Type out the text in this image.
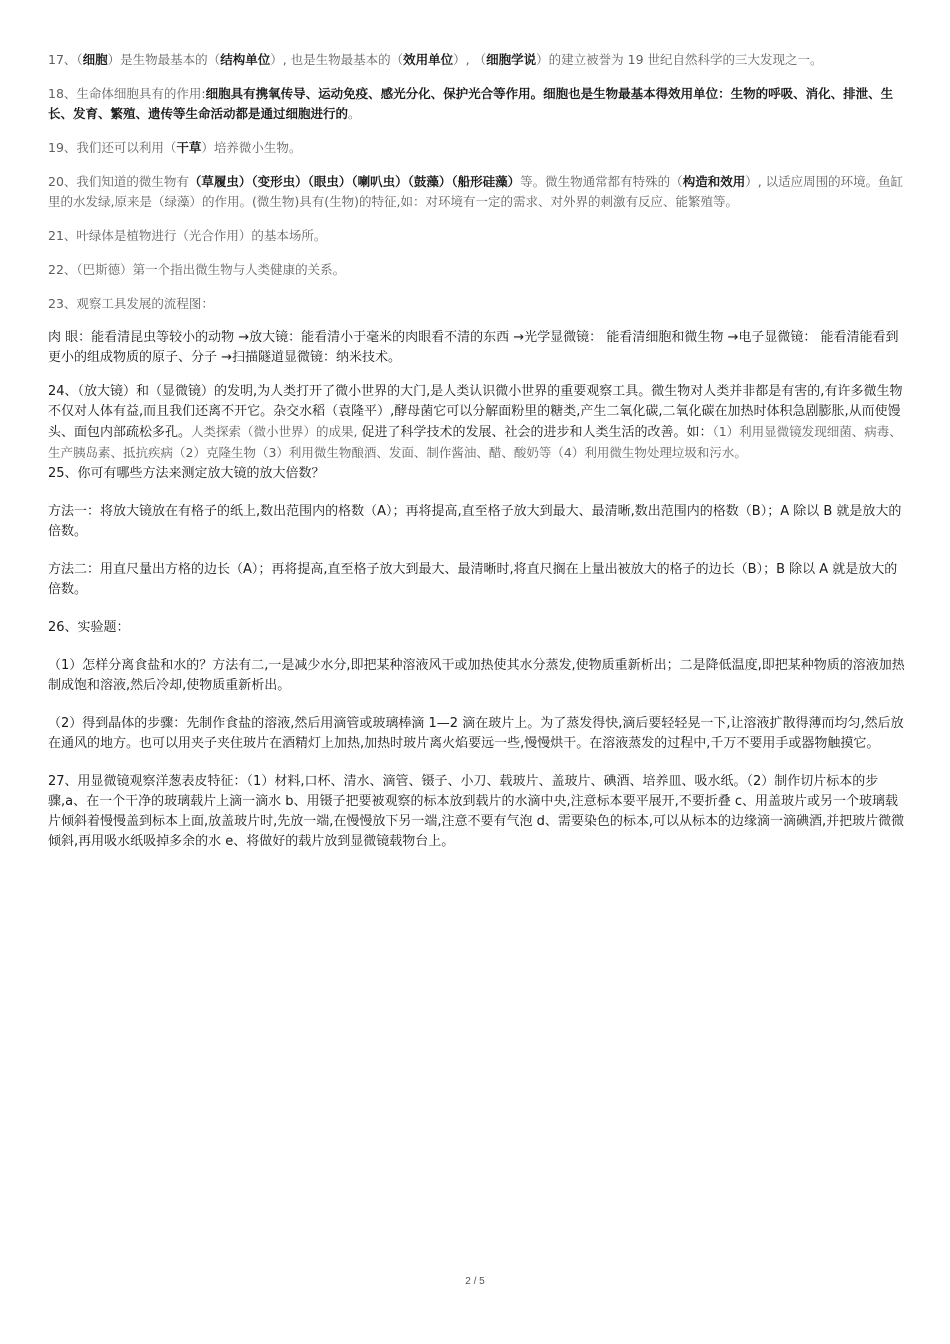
17、（细胞）是生物最基本的（结构单位）, 也是生物最基本的（效用单位）, （细胞学说）的建立被誉为 19 世纪自然科学的三大发现之一。

18、生命体细胞具有的作用:细胞具有携氧传导、运动免疫、感光分化、保护光合等作用。细胞也是生物最基本得效用单位：生物的呼吸、消化、排泄、生长、发育、繁殖、遗传等生命活动都是通过细胞进行的。

19、我们还可以利用（干草）培养微小生物。

20、我们知道的微生物有（草履虫）（变形虫）（眼虫）（喇叭虫）（鼓藻）（船形硅藻）等。微生物通常都有特殊的（构造和效用）, 以适应周围的环境。鱼缸里的水发绿,原来是（绿藻）的作用。(微生物)具有(生物)的特征,如：对环境有一定的需求、对外界的刺激有反应、能繁殖等。

21、叶绿体是植物进行（光合作用）的基本场所。

22、（巴斯德）第一个指出微生物与人类健康的关系。

23、观察工具发展的流程图：

肉 眼：能看清昆虫等较小的动物 →放大镜：能看清小于毫米的肉眼看不清的东西 →光学显微镜： 能看清细胞和微生物 →电子显微镜： 能看清能看到更小的组成物质的原子、分子 →扫描隧道显微镜：纳米技术。

24、（放大镜）和（显微镜）的发明,为人类打开了微小世界的大门,是人类认识微小世界的重要观察工具。微生物对人类并非都是有害的,有许多微生物不仅对人体有益,而且我们还离不开它。杂交水稻（袁隆平）,酵母菌它可以分解面粉里的糖类,产生二氧化碳,二氧化碳在加热时体积急剧膨胀,从而使馒头、面包内部疏松多孔。人类探索（微小世界）的成果, 促进了科学技术的发展、社会的进步和人类生活的改善。如：（1）利用显微镜发现细菌、病毒、生产胰岛素、抵抗疾病（2）克隆生物（3）利用微生物酿酒、发面、制作酱油、醋、酸奶等（4）利用微生物处理垃圾和污水。

25、你可有哪些方法来测定放大镜的放大倍数？

方法一：将放大镜放在有格子的纸上,数出范围内的格数（A）；再将提高,直至格子放大到最大、最清晰,数出范围内的格数（B）；A 除以 B 就是放大的倍数。

方法二：用直尺量出方格的边长（A）；再将提高,直至格子放大到最大、最清晰时,将直尺搁在上量出被放大的格子的边长（B）；B 除以 A 就是放大的倍数。

26、实验题：

（1）怎样分离食盐和水的？方法有二,一是减少水分,即把某种溶液风干或加热使其水分蒸发,使物质重新析出；二是降低温度,即把某种物质的溶液加热制成饱和溶液,然后冷却,使物质重新析出。

（2）得到晶体的步骤：先制作食盐的溶液,然后用滴管或玻璃棒滴 1—2 滴在玻片上。为了蒸发得快,滴后要轻轻晃一下,让溶液扩散得薄而均匀,然后放在通风的地方。也可以用夹子夹住玻片在酒精灯上加热,加热时玻片离火焰要远一些,慢慢烘干。在溶液蒸发的过程中,千万不要用手或器物触摸它。

27、用显微镜观察洋葱表皮特征：（1）材料,口杯、清水、滴管、镊子、小刀、载玻片、盖玻片、碘酒、培养皿、吸水纸。（2）制作切片标本的步骤,a、在一个干净的玻璃载片上滴一滴水 b、用镊子把要被观察的标本放到载片的水滴中央,注意标本要平展开,不要折叠 c、用盖玻片或另一个玻璃载片倾斜着慢慢盖到标本上面,放盖玻片时,先放一端,在慢慢放下另一端,注意不要有气泡 d、需要染色的标本,可以从标本的边缘滴一滴碘酒,并把玻片微微倾斜,再用吸水纸吸掉多余的水 e、将做好的载片放到显微镜载物台上。

2 / 5
